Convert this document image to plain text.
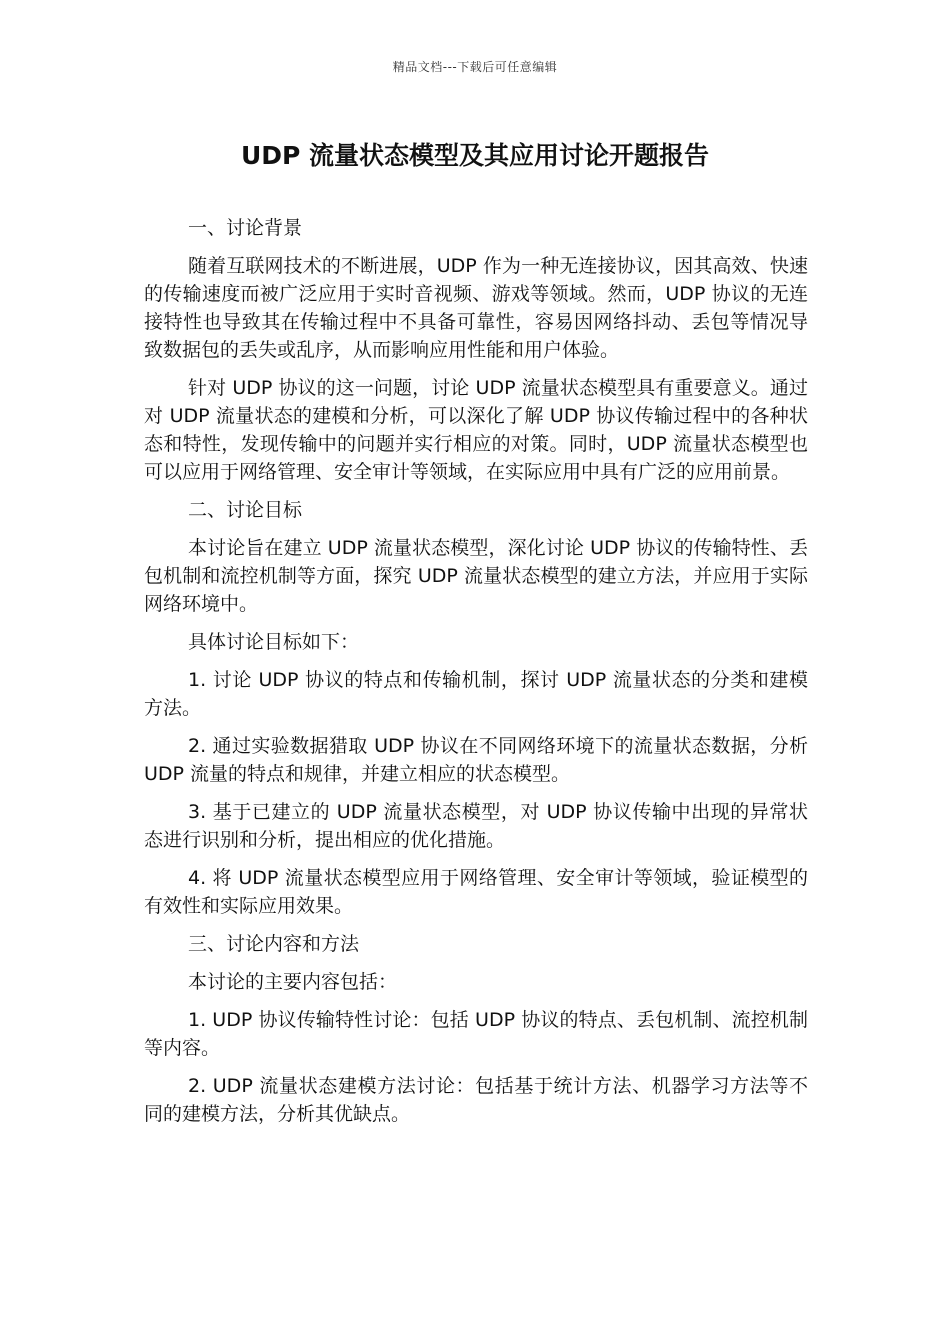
精品文档---下载后可任意编辑
UDP 流量状态模型及其应用讨论开题报告

一、讨论背景

随着互联网技术的不断进展，UDP 作为一种无连接协议，因其高效、快速的传输速度而被广泛应用于实时音视频、游戏等领域。然而，UDP 协议的无连接特性也导致其在传输过程中不具备可靠性，容易因网络抖动、丢包等情况导致数据包的丢失或乱序，从而影响应用性能和用户体验。

针对 UDP 协议的这一问题，讨论 UDP 流量状态模型具有重要意义。通过对 UDP 流量状态的建模和分析，可以深化了解 UDP 协议传输过程中的各种状态和特性，发现传输中的问题并实行相应的对策。同时，UDP 流量状态模型也可以应用于网络管理、安全审计等领域，在实际应用中具有广泛的应用前景。

二、讨论目标

本讨论旨在建立 UDP 流量状态模型，深化讨论 UDP 协议的传输特性、丢包机制和流控机制等方面，探究 UDP 流量状态模型的建立方法，并应用于实际网络环境中。

具体讨论目标如下：

1. 讨论 UDP 协议的特点和传输机制，探讨 UDP 流量状态的分类和建模方法。

2. 通过实验数据猎取 UDP 协议在不同网络环境下的流量状态数据，分析 UDP 流量的特点和规律，并建立相应的状态模型。

3. 基于已建立的 UDP 流量状态模型，对 UDP 协议传输中出现的异常状态进行识别和分析，提出相应的优化措施。

4. 将 UDP 流量状态模型应用于网络管理、安全审计等领域，验证模型的有效性和实际应用效果。

三、讨论内容和方法

本讨论的主要内容包括：

1. UDP 协议传输特性讨论：包括 UDP 协议的特点、丢包机制、流控机制等内容。

2. UDP 流量状态建模方法讨论：包括基于统计方法、机器学习方法等不同的建模方法，分析其优缺点。
